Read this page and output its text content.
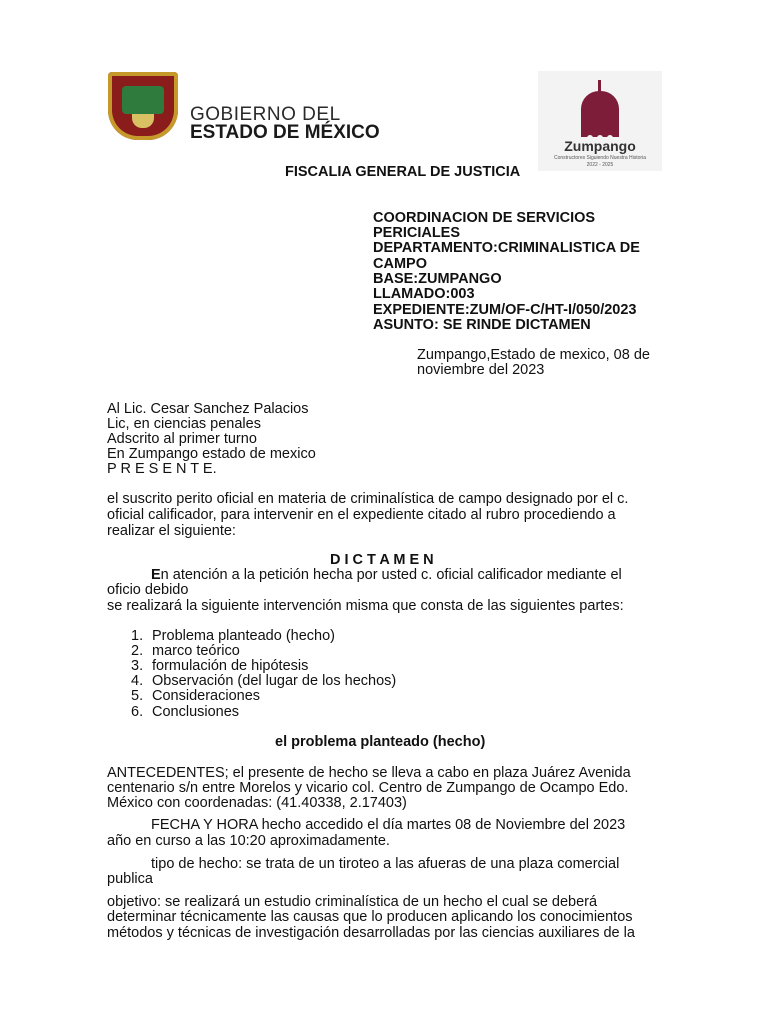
GOBIERNO DEL
ESTADO DE MÉXICO
Zumpango
Constructores Siguiendo Nuestra Historia
2022 - 2025
FISCALIA GENERAL DE JUSTICIA
COORDINACION DE SERVICIOS
PERICIALES
DEPARTAMENTO:CRIMINALISTICA DE
CAMPO
BASE:ZUMPANGO
LLAMADO:003
EXPEDIENTE:ZUM/OF-C/HT-I/050/2023
ASUNTO: SE RINDE DICTAMEN
Zumpango,Estado de mexico, 08 de
noviembre del 2023
Al Lic. Cesar Sanchez Palacios
Lic, en ciencias penales
Adscrito al primer turno
En Zumpango estado de mexico
P R E S E N T E.
el suscrito perito oficial en materia de criminalística de campo designado por el c.
oficial calificador, para intervenir en el expediente citado al rubro procediendo a
realizar el siguiente:
D I C T A M E N
En atención a la petición hecha por usted c. oficial calificador mediante el
oficio debido
se realizará la siguiente intervención misma que consta de las siguientes partes:
1. Problema planteado (hecho)
2. marco teórico
3. formulación de hipótesis
4. Observación (del lugar de los hechos)
5. Consideraciones
6. Conclusiones
el problema planteado (hecho)
ANTECEDENTES; el presente de hecho se lleva a cabo en plaza Juárez Avenida
centenario s/n entre Morelos y vicario col. Centro de Zumpango de Ocampo Edo.
México con coordenadas: (41.40338, 2.17403)
FECHA Y HORA hecho accedido el día martes 08 de Noviembre del 2023
año en curso a las 10:20 aproximadamente.
tipo de hecho: se trata de un tiroteo a las afueras de una plaza comercial
publica
objetivo: se realizará un estudio criminalística de un hecho el cual se deberá
determinar técnicamente las causas que lo producen aplicando los conocimientos
métodos y técnicas de investigación desarrolladas por las ciencias auxiliares de la
